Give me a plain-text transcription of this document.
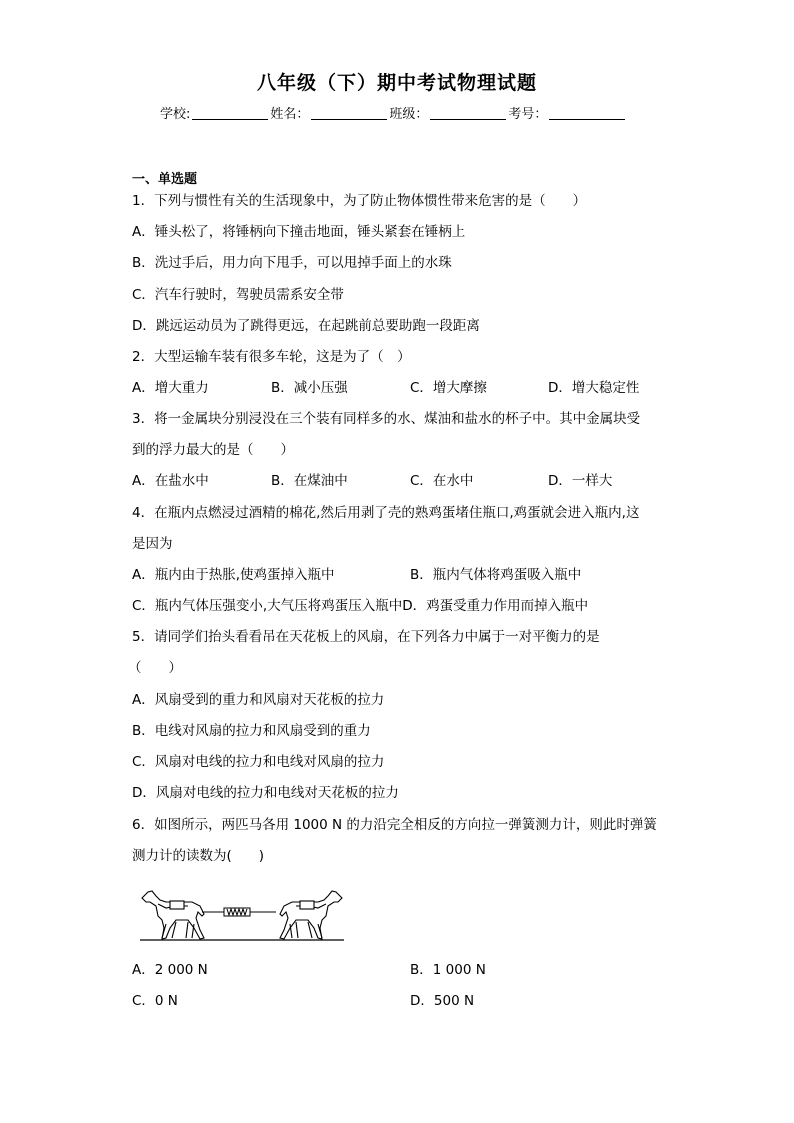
八年级（下）期中考试物理试题
学校:	姓名：	班级：	考号：
一、单选题
1．下列与惯性有关的生活现象中，为了防止物体惯性带来危害的是（　　）
A．锤头松了，将锤柄向下撞击地面，锤头紧套在锤柄上
B．洗过手后，用力向下甩手，可以甩掉手面上的水珠
C．汽车行驶时，驾驶员需系安全带
D．跳远运动员为了跳得更远，在起跳前总要助跑一段距离
2．大型运输车装有很多车轮，这是为了（　）
A．增大重力	B．减小压强	C．增大摩擦	D．增大稳定性
3．将一金属块分别浸没在三个装有同样多的水、煤油和盐水的杯子中。其中金属块受
到的浮力最大的是（　　）
A．在盐水中	B．在煤油中	C．在水中	D．一样大
4．在瓶内点燃浸过酒精的棉花,然后用剥了壳的熟鸡蛋堵住瓶口,鸡蛋就会进入瓶内,这
是因为
A．瓶内由于热胀,使鸡蛋掉入瓶中	B．瓶内气体将鸡蛋吸入瓶中
C．瓶内气体压强变小,大气压将鸡蛋压入瓶中D．鸡蛋受重力作用而掉入瓶中
5．请同学们抬头看看吊在天花板上的风扇，在下列各力中属于一对平衡力的是
（　　）
A．风扇受到的重力和风扇对天花板的拉力
B．电线对风扇的拉力和风扇受到的重力
C．风扇对电线的拉力和电线对风扇的拉力
D．风扇对电线的拉力和电线对天花板的拉力
6．如图所示，两匹马各用 1000 N 的力沿完全相反的方向拉一弹簧测力计，则此时弹簧
测力计的读数为(　　)
A．2 000 N	B．1 000 N
C．0 N	D．500 N
